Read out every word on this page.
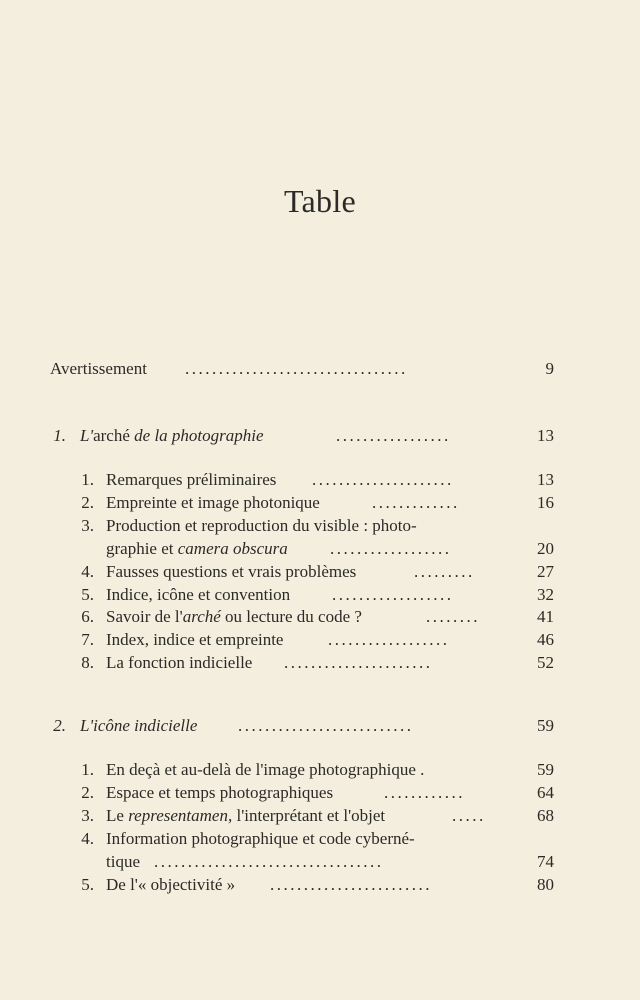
Table
Avertissement .................................	9
1. L'arché de la photographie	.................	13
1. Remarques préliminaires .....................	13
2. Empreinte et image photonique	.............	16
3. Production et reproduction du visible : photo-
graphie et camera obscura ..................	20
4. Fausses questions et vrais problèmes	.........	27
5. Indice, icône et convention ..................	32
6. Savoir de l'arché ou lecture du code ?	........	41
7. Index, indice et empreinte	..................	46
8. La fonction indicielle ......................	52
2. L'icône indicielle ..........................	59
1. En deçà et au-delà de l'image photographique .	59
2. Espace et temps photographiques	............	64
3. Le representamen, l'interprétant et l'objet	.....	68
4. Information photographique et code cyberné-
tique ..................................	74
5. De l'« objectivité » ........................	80
